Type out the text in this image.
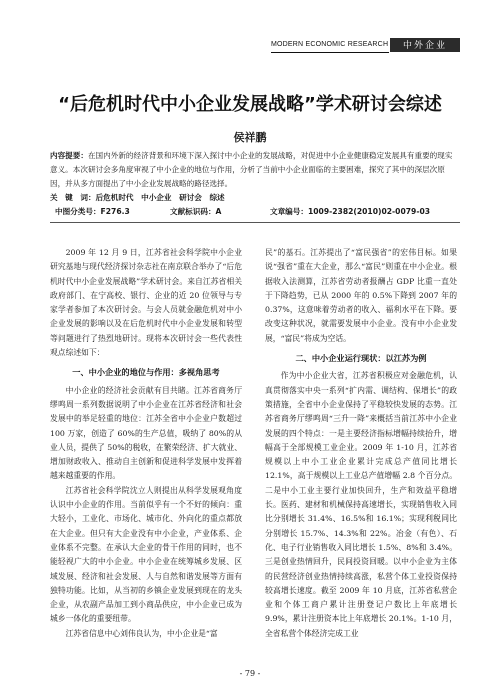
MODERN ECONOMIC RESEARCH	中外企业
“后危机时代中小企业发展战略”学术研讨会综述
侯祥鹏
内容提要：在国内外新的经济背景和环境下深入探讨中小企业的发展战略，对促进中小企业健康稳定发展具有重要的现实意义。本次研讨会多角度审视了中小企业的地位与作用，分析了当前中小企业面临的主要困难，探究了其中的深层次原因，并从多方面提出了中小企业发展战略的路径选择。
关　键　词：后危机时代　中小企业　研讨会　综述
中图分类号：F276.3	文献标识码：A	文章编号：1009-2382(2010)02-0079-03

2009 年 12 月 9 日，江苏省社会科学院中小企业研究基地与现代经济探讨杂志社在南京联合举办了“后危机时代中小企业发展战略”学术研讨会。来自江苏省相关政府部门、在宁高校、银行、企业的近 20 位领导与专家学者参加了本次研讨会。与会人员就金融危机对中小企业发展的影响以及在后危机时代中小企业发展和转型等问题进行了热烈地研讨。现将本次研讨会一些代表性观点综述如下：

一、中小企业的地位与作用：多视角思考

中小企业的经济社会贡献有目共睹。江苏省商务厅缪鸣周一系列数据说明了中小企业在江苏省经济和社会发展中的举足轻重的地位：江苏全省中小企业户数超过 100 万家，创造了 60%的生产总值，吸纳了 80%的从业人员，提供了 50%的税收，在繁荣经济、扩大就业、增加财政收入、推动自主创新和促进科学发展中发挥着越来越重要的作用。

江苏省社会科学院沈立人则提出从科学发展观角度认识中小企业的作用。当前似乎有一个不好的倾向：重大轻小，工业化、市场化、城市化、外向化的重点都放在大企业。但只有大企业没有中小企业，产业体系、企业体系不完整。在承认大企业的骨干作用的同时，也不能轻视广大的中小企业。中小企业在统筹城乡发展、区域发展、经济和社会发展、人与自然和谐发展等方面有独特功能。比如，从当初的乡镇企业发展到现在的龙头企业，从农副产品加工到小商品供应，中小企业已成为城乡一体化的重要纽带。

江苏省信息中心刘伟良认为，中小企业是“富

民”的基石。江苏提出了“富民强省”的宏伟目标。如果说“强省”重在大企业，那么“富民”则重在中小企业。根据收入法测算，江苏省劳动者报酬占 GDP 比重一直处于下降趋势，已从 2000 年的 0.5%下降到 2007 年的 0.37%，这意味着劳动者的收入、福利水平在下降。要改变这种状况，就需要发展中小企业。没有中小企业发展，“富民”将成为空话。

二、中小企业运行现状：以江苏为例

作为中小企业大省，江苏省积极应对金融危机，认真贯彻落实中央一系列“扩内需、调结构、保增长”的政策措施，全省中小企业保持了平稳较快发展的态势。江苏省商务厅缪鸣周“三升一降”来概括当前江苏中小企业发展的四个特点：一是主要经济指标增幅持续抬升，增幅高于全部规模工业企业。2009 年 1-10 月，江苏省规模以上中小工业企业累计完成总产值同比增长 12.1%，高于规模以上工业总产值增幅 2.8 个百分点。二是中小工业主要行业加快回升，生产和效益平稳增长。医药、建材和机械保持高速增长，实现销售收入同比分别增长 31.4%、16.5%和 16.1%；实现利税同比分别增长 15.7%、14.3%和 22%。冶金（有色）、石化、电子行业销售收入同比增长 1.5%、8%和 3.4%。三是创业热情回升，民间投资回暖。以中小企业为主体的民营经济创业热情持续高涨，私营个体工业投资保持较高增长速度。截至 2009 年 10 月底，江苏省私营企业和个体工商户累计注册登记户数比上年底增长 9.9%，累计注册资本比上年底增长 20.1%。1-10 月，全省私营个体经济完成工业

- 79 -
